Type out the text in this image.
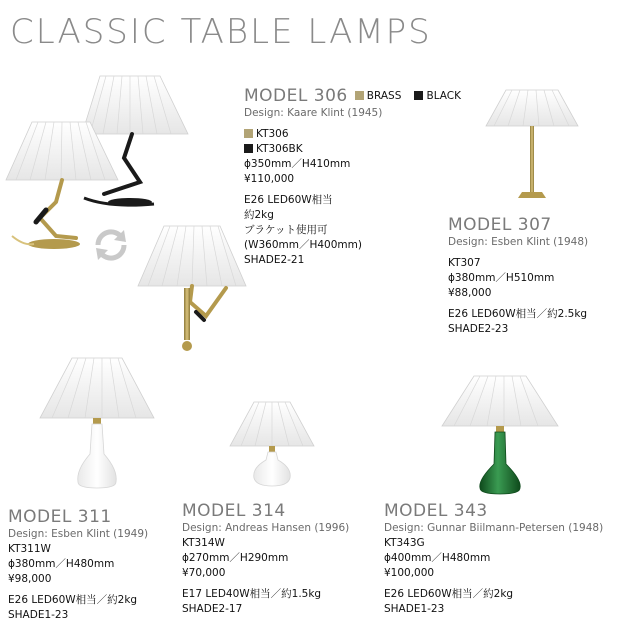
CLASSIC TABLE LAMPS
MODEL 306 BRASS BLACK
Design: Kaare Klint (1945)
KT306
KT306BK
ϕ350mm／H410mm
¥110,000
E26 LED60W相当
約2kg
ブラケット使用可
(W360mm／H400mm)
SHADE2-21
MODEL 307
Design: Esben Klint (1948)
KT307
ϕ380mm／H510mm
¥88,000
E26 LED60W相当／約2.5kg
SHADE2-23
MODEL 311
Design: Esben Klint (1949)
KT311W
ϕ380mm／H480mm
¥98,000
E26 LED60W相当／約2kg
SHADE1-23
MODEL 314
Design: Andreas Hansen (1996)
KT314W
ϕ270mm／H290mm
¥70,000
E17 LED40W相当／約1.5kg
SHADE2-17
MODEL 343
Design: Gunnar Biilmann-Petersen (1948)
KT343G
ϕ400mm／H480mm
¥100,000
E26 LED60W相当／約2kg
SHADE1-23
